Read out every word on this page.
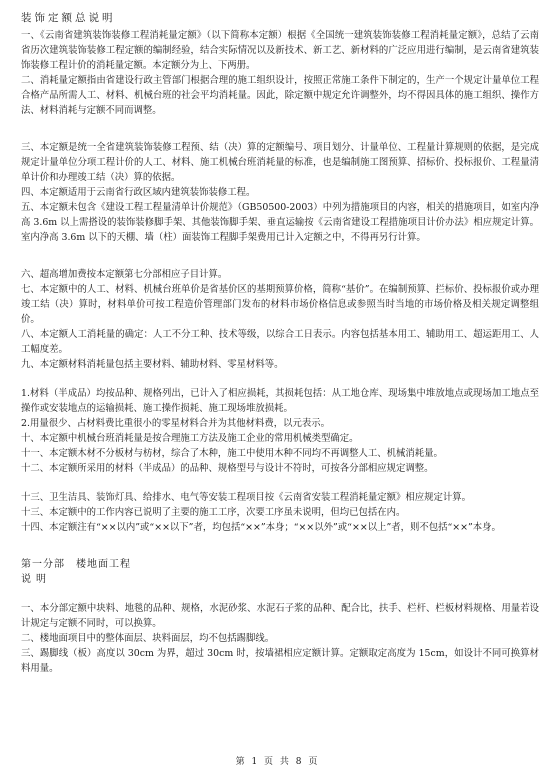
装饰定额总说明

一、《云南省建筑装饰装修工程消耗量定额》（以下简称本定额）根据《全国统一建筑装饰装修工程消耗量定额》，总结了云南省历次建筑装饰装修工程定额的编制经验，结合实际情况以及新技术、新工艺、新材料的广泛应用进行编制，是云南省建筑装饰装修工程计价的消耗量定额。本定额分为上、下两册。

二、消耗量定额指由省建设行政主管部门根据合理的施工组织设计，按照正常施工条件下制定的，生产一个规定计量单位工程合格产品所需人工、材料、机械台班的社会平均消耗量。因此，除定额中规定允许调整外，均不得因具体的施工组织、操作方法、材料消耗与定额不同而调整。

三、本定额是统一全省建筑装饰装修工程预、结（决）算的定额编号、项目划分、计量单位、工程量计算规则的依据，是完成规定计量单位分项工程计价的人工、材料、施工机械台班消耗量的标准，也是编制施工图预算、招标价、投标报价、工程量清单计价和办理竣工结（决）算的依据。

四、本定额适用于云南省行政区域内建筑装饰装修工程。

五、本定额未包含《建设工程工程量清单计价规范》（GB50500-2003）中列为措施项目的内容，相关的措施项目，如室内净高 3.6m 以上需搭设的装饰装修脚手架、其他装饰脚手架、垂直运输按《云南省建设工程措施项目计价办法》相应规定计算。室内净高 3.6m 以下的天棚、墙（柱）面装饰工程脚手架费用已计入定额之中，不得再另行计算。

六、超高增加费按本定额第七分部相应子目计算。

七、本定额中的人工、材料、机械台班单价是省基价区的基期预算价格，简称“基价”。在编制预算、拦标价、投标报价或办理竣工结（决）算时，材料单价可按工程造价管理部门发布的材料市场价格信息或参照当时当地的市场价格及相关规定调整组价。

八、本定额人工消耗量的确定：人工不分工种、技术等级，以综合工日表示。内容包括基本用工、辅助用工、超运距用工、人工幅度差。

九、本定额材料消耗量包括主要材料、辅助材料、零星材料等。

1.材料（半成品）均按品种、规格列出，已计入了相应损耗，其损耗包括：从工地仓库、现场集中堆放地点或现场加工地点至操作或安装地点的运输损耗、施工操作损耗、施工现场堆放损耗。

2.用量很少、占材料费比重很小的零星材料合并为其他材料费，以元表示。

十、本定额中机械台班消耗量是按合理施工方法及施工企业的常用机械类型确定。

十一、本定额木材不分板材与枋材，综合了木种，施工中使用木种不同均不再调整人工、机械消耗量。

十二、本定额所采用的材料（半成品）的品种、规格型号与设计不符时，可按各分部相应规定调整。

十三、卫生洁具、装饰灯具、给排水、电气等安装工程项目按《云南省安装工程消耗量定额》相应规定计算。

十三、本定额中的工作内容已说明了主要的施工工序，次要工序虽未说明，但均已包括在内。

十四、本定额注有“××以内”或“××以下”者，均包括“××”本身；“××以外”或“××以上”者，则不包括“××”本身。

第一分部　楼地面工程

说明

一、本分部定额中块料、地毯的品种、规格，水泥砂浆、水泥石子浆的品种、配合比，扶手、栏杆、栏板材料规格、用量若设计规定与定额不同时，可以换算。

二、楼地面项目中的整体面层、块料面层，均不包括踢脚线。

三、踢脚线（板）高度以 30cm 为界，超过 30cm 时，按墙裙相应定额计算。定额取定高度为 15cm，如设计不同可换算材料用量。

第 1 页 共 8 页
